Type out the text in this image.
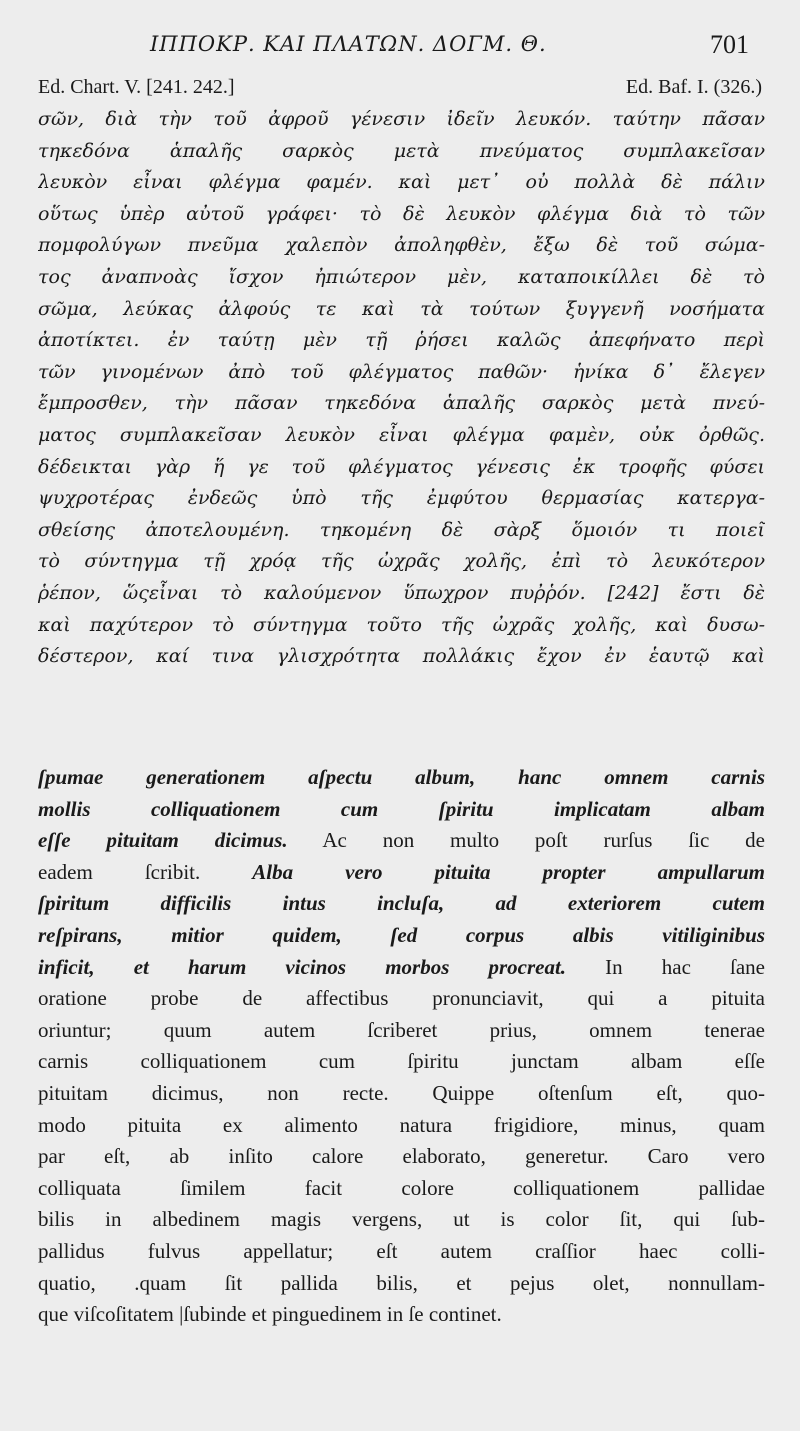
ΙΠΠΟΚΡ. ΚΑΙ ΠΛΑΤΩΝ. ΔΟΓΜ. Θ.	701
Ed. Chart. V. [241. 242.]	Ed. Baf. I. (326.)
σῶν, διὰ τὴν τοῦ ἀφροῦ γένεσιν ἰδεῖν λευκόν. ταύτην πᾶσαν
τηκεδόνα ἁπαλῆς σαρκὸς μετὰ πνεύματος συμπλακεῖσαν
λευκὸν εἶναι φλέγμα φαμέν. καὶ μετ᾽ οὐ πολλὰ δὲ πάλιν
οὕτως ὑπὲρ αὐτοῦ γράφει· τὸ δὲ λευκὸν φλέγμα διὰ τὸ τῶν
πομφολύγων πνεῦμα χαλεπὸν ἀποληφθὲν, ἔξω δὲ τοῦ σώμα-
τος ἀναπνοὰς ἴσχον ἠπιώτερον μὲν, καταποικίλλει δὲ τὸ
σῶμα, λεύκας ἀλφούς τε καὶ τὰ τούτων ξυγγενῆ νοσήματα
ἀποτίκτει. ἐν ταύτῃ μὲν τῇ ῥήσει καλῶς ἀπεφήνατο περὶ
τῶν γινομένων ἀπὸ τοῦ φλέγματος παθῶν· ἡνίκα δ᾽ ἔλεγεν
ἔμπροσθεν, τὴν πᾶσαν τηκεδόνα ἁπαλῆς σαρκὸς μετὰ πνεύ-
ματος συμπλακεῖσαν λευκὸν εἶναι φλέγμα φαμὲν, οὐκ ὀρθῶς.
δέδεικται γὰρ ἥ γε τοῦ φλέγματος γένεσις ἐκ τροφῆς φύσει
ψυχροτέρας ἐνδεῶς ὑπὸ τῆς ἐμφύτου θερμασίας κατεργα-
σθείσης ἀποτελουμένη. τηκομένη δὲ σὰρξ ὅμοιόν τι ποιεῖ
τὸ σύντηγμα τῇ χρόᾳ τῆς ὠχρᾶς χολῆς, ἐπὶ τὸ λευκότερον
ῥέπον, ὥςεἶναι τὸ καλούμενον ὕπωχρον πυῤῥόν. [242] ἔστι δὲ
καὶ παχύτερον τὸ σύντηγμα τοῦτο τῆς ὠχρᾶς χολῆς, καὶ δυσω-
δέστερον, καί τινα γλισχρότητα πολλάκις ἔχον ἐν ἑαυτῷ καὶ
ſpumae generationem aſpectu album, hanc omnem carnis
mollis colliquationem cum ſpiritu implicatam albam
eſſe pituitam dicimus. Ac non multo poſt rurſus ſic de
eadem ſcribit. Alba vero pituita propter ampullarum
ſpiritum difficilis intus incluſa, ad exteriorem cutem
reſpirans, mitior quidem, ſed corpus albis vitiliginibus
inficit, et harum vicinos morbos procreat. In hac ſane
oratione probe de affectibus pronunciavit, qui a pituita
oriuntur; quum autem ſcriberet prius, omnem tenerae
carnis colliquationem cum ſpiritu junctam albam eſſe
pituitam dicimus, non recte. Quippe oſtenſum eſt, quo-
modo pituita ex alimento natura frigidiore, minus, quam
par eſt, ab inſito calore elaborato, generetur. Caro vero
colliquata ſimilem facit colore colliquationem pallidae
bilis in albedinem magis vergens, ut is color ſit, qui ſub-
pallidus fulvus appellatur; eſt autem craſſior haec colli-
quatio, .quam ſit pallida bilis, et pejus olet, nonnullam-
que viſcoſitatem |ſubinde et pinguedinem in ſe continet.
